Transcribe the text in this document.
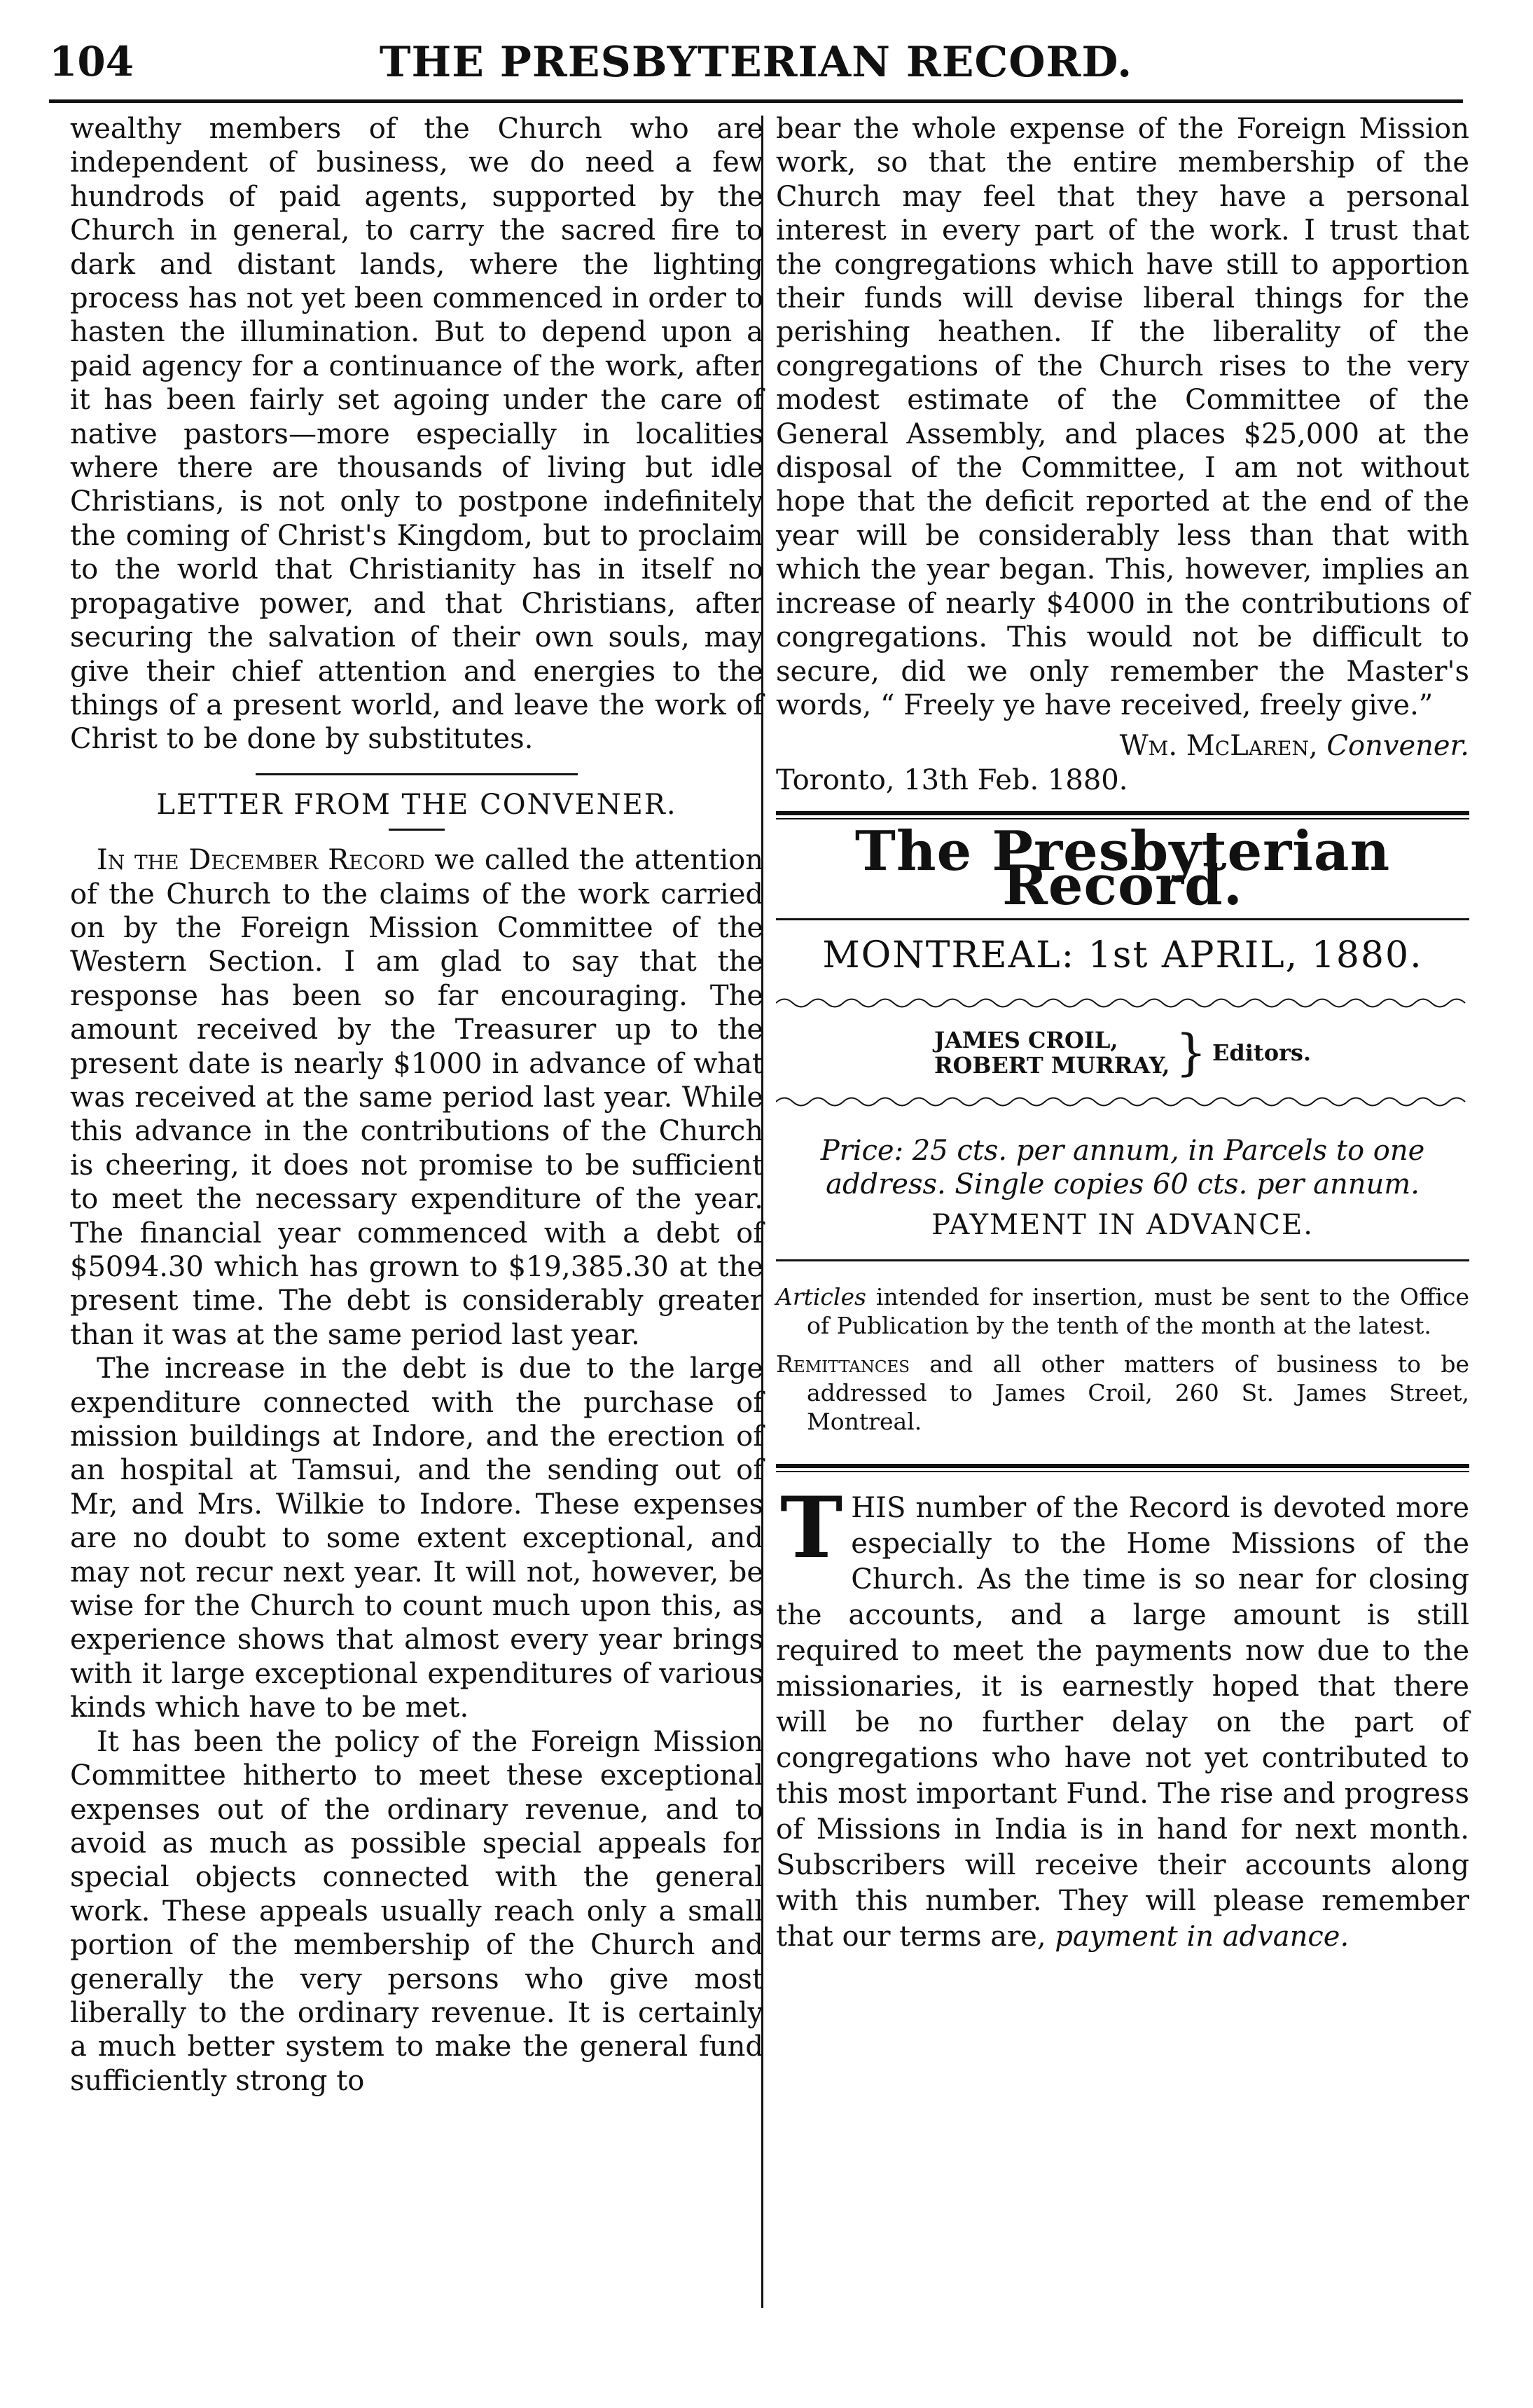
104	THE PRESBYTERIAN RECORD.

wealthy members of the Church who are independent of business, we do need a few hundrods of paid agents, supported by the Church in general, to carry the sacred fire to dark and distant lands, where the lighting process has not yet been commenced in order to hasten the illumination. But to depend upon a paid agency for a continuance of the work, after it has been fairly set agoing under the care of native pastors—more especially in localities where there are thousands of living but idle Christians, is not only to postpone indefinitely the coming of Christ's Kingdom, but to proclaim to the world that Christianity has in itself no propagative power, and that Christians, after securing the salvation of their own souls, may give their chief attention and energies to the things of a present world, and leave the work of Christ to be done by substitutes.

LETTER FROM THE CONVENER.

In the December Record we called the attention of the Church to the claims of the work carried on by the Foreign Mission Committee of the Western Section. I am glad to say that the response has been so far encouraging. The amount received by the Treasurer up to the present date is nearly $1000 in advance of what was received at the same period last year. While this advance in the contributions of the Church is cheering, it does not promise to be sufficient to meet the necessary expenditure of the year. The financial year commenced with a debt of $5094.30 which has grown to $19,385.30 at the present time. The debt is considerably greater than it was at the same period last year.

The increase in the debt is due to the large expenditure connected with the purchase of mission buildings at Indore, and the erection of an hospital at Tamsui, and the sending out of Mr, and Mrs. Wilkie to Indore. These expenses are no doubt to some extent exceptional, and may not recur next year. It will not, however, be wise for the Church to count much upon this, as experience shows that almost every year brings with it large exceptional expenditures of various kinds which have to be met.

It has been the policy of the Foreign Mission Committee hitherto to meet these exceptional expenses out of the ordinary revenue, and to avoid as much as possible special appeals for special objects connected with the general work. These appeals usually reach only a small portion of the membership of the Church and generally the very persons who give most liberally to the ordinary revenue. It is certainly a much better system to make the general fund sufficiently strong to

bear the whole expense of the Foreign Mission work, so that the entire membership of the Church may feel that they have a personal interest in every part of the work. I trust that the congregations which have still to apportion their funds will devise liberal things for the perishing heathen. If the liberality of the congregations of the Church rises to the very modest estimate of the Committee of the General Assembly, and places $25,000 at the disposal of the Committee, I am not without hope that the deficit reported at the end of the year will be considerably less than that with which the year began. This, however, implies an increase of nearly $4000 in the contributions of congregations. This would not be difficult to secure, did we only remember the Master's words, “ Freely ye have received, freely give.”

Wm. McLaren, Convener.

Toronto, 13th Feb. 1880.

The Presbyterian Record.
MONTREAL: 1st APRIL, 1880.
JAMES CROIL,
ROBERT MURRAY, } Editors.

Price: 25 cts. per annum, in Parcels to one address. Single copies 60 cts. per annum.

PAYMENT IN ADVANCE.

Articles intended for insertion, must be sent to the Office of Publication by the tenth of the month at the latest.

Remittances and all other matters of business to be addressed to James Croil, 260 St. James Street, Montreal.

THIS number of the Record is devoted more especially to the Home Missions of the Church. As the time is so near for closing the accounts, and a large amount is still required to meet the payments now due to the missionaries, it is earnestly hoped that there will be no further delay on the part of congregations who have not yet contributed to this most important Fund. The rise and progress of Missions in India is in hand for next month. Subscribers will receive their accounts along with this number. They will please remember that our terms are, payment in advance.
